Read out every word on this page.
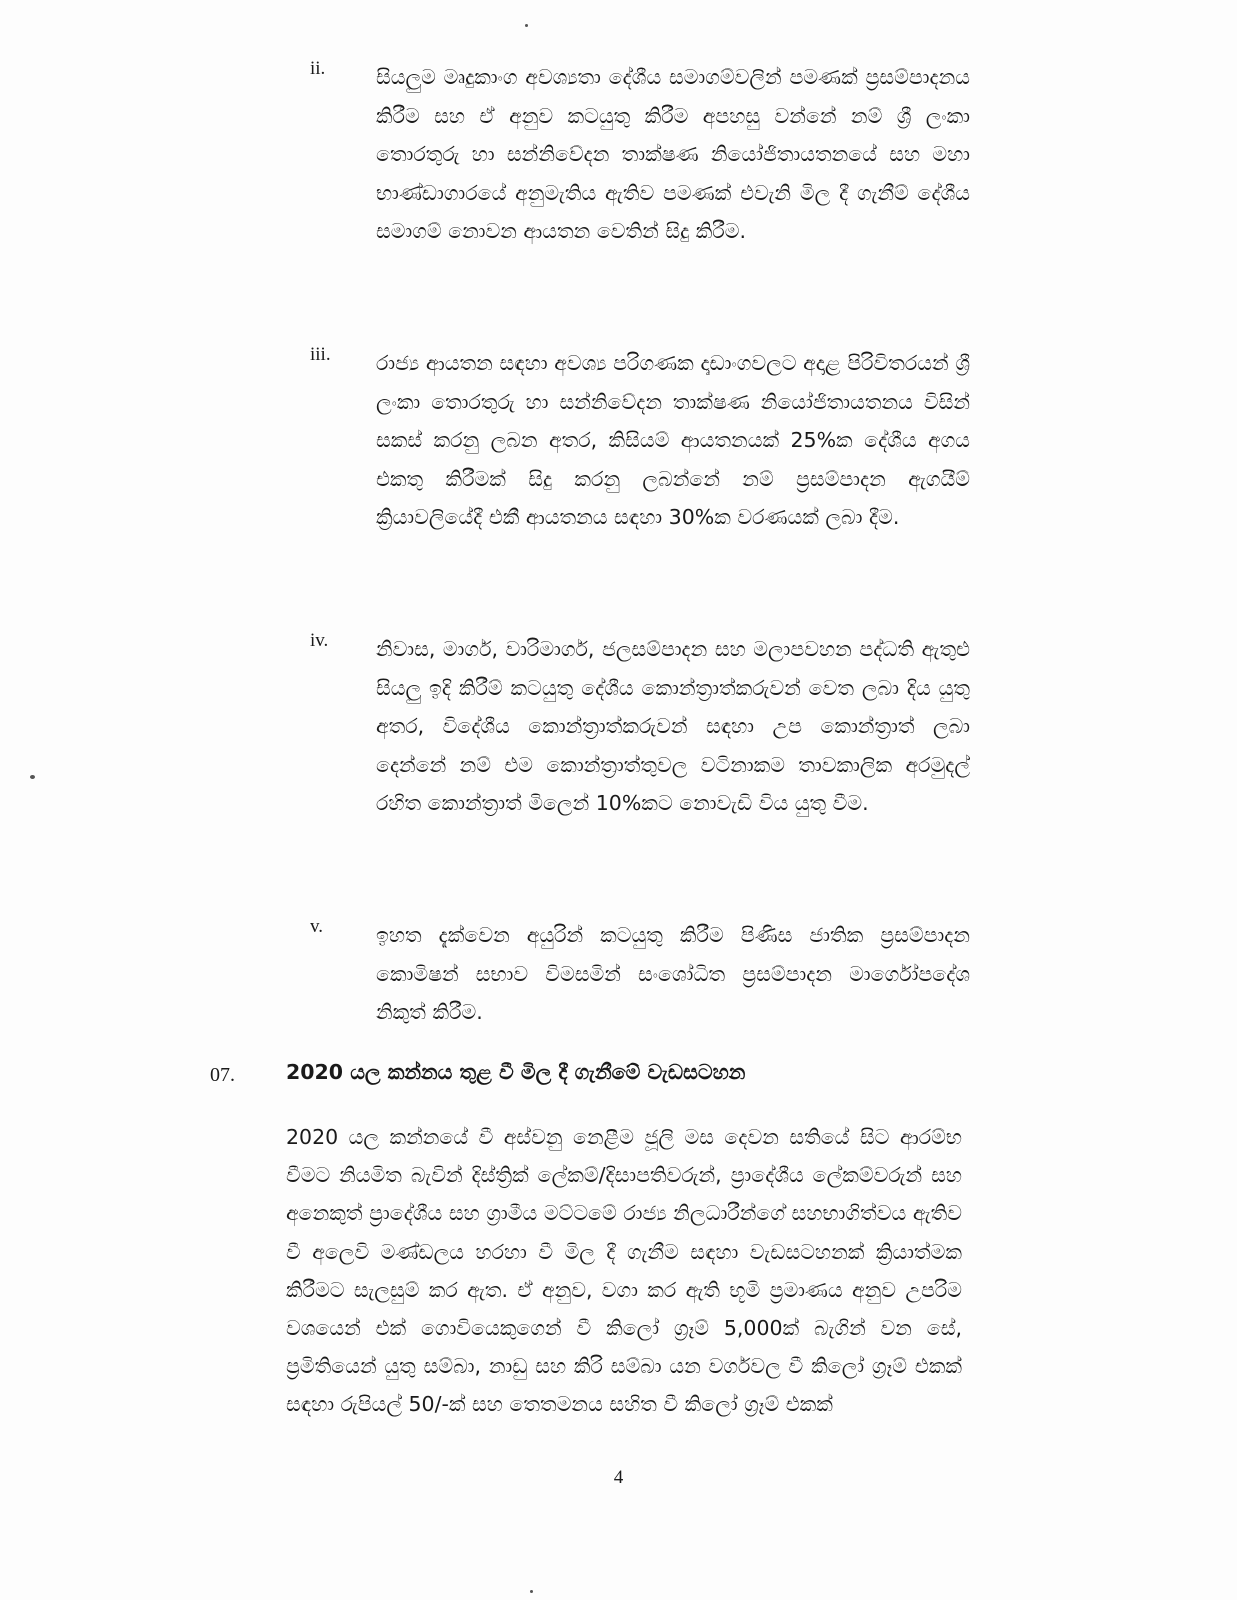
ii.	සියලුම මෘදුකාංග අවශ්‍යතා දේශීය සමාගම්වලින් පමණක් ප්‍රසම්පාදනය කිරීම සහ ඒ අනුව කටයුතු කිරීම අපහසු වන්නේ නම් ශ්‍රී ලංකා තොරතුරු හා සන්නිවේදන තාක්ෂණ නියෝජිතායතනයේ සහ මහා භාණ්ඩාගාරයේ අනුමැතිය ඇතිව පමණක් එවැනි මිල දී ගැනීම් දේශීය සමාගම් නොවන ආයතන වෙතින් සිදු කිරීම.
iii.	රාජ්‍ය ආයතන සඳහා අවශ්‍ය පරිගණක දෘඩාංගවලට අදාළ පිරිවිතරයන් ශ්‍රී ලංකා තොරතුරු හා සන්නිවේදන තාක්ෂණ නියෝජිතායතනය විසින් සකස් කරනු ලබන අතර, කිසියම් ආයතනයක් 25%ක දේශීය අගය එකතු කිරීමක් සිදු කරනු ලබන්නේ නම් ප්‍රසම්පාදන ඇගයීම් ක්‍රියාවලියේදී එකී ආයතනය සඳහා 30%ක වරණයක් ලබා දීම.
iv.	නිවාස, මාර්ග, වාරිමාර්ග, ජලසම්පාදන සහ මලාපවහන පද්ධති ඇතුළු සියලු ඉදි කිරීම් කටයුතු දේශීය කොන්ත්‍රාත්කරුවන් වෙත ලබා දිය යුතු අතර, විදේශීය කොන්ත්‍රාත්කරුවන් සඳහා උප කොන්ත්‍රාත් ලබා දෙන්නේ නම් එම කොන්ත්‍රාත්තුවල වටිනාකම තාවකාලික අරමුදල් රහිත කොන්ත්‍රාත් මිලෙන් 10%කට නොවැඩි විය යුතු වීම.
v.	ඉහත දැක්වෙන අයුරින් කටයුතු කිරීම පිණිස ජාතික ප්‍රසම්පාදන කොමිෂන් සභාව විමසමින් සංශෝධිත ප්‍රසම්පාදන මාර්ගෝපදේශ නිකුත් කිරීම.
07. 2020 යල කන්නය තුළ වී මිල දී ගැනීමේ වැඩසටහන
2020 යල කන්නයේ වී අස්වනු නෙළීම ජූලි මස දෙවන සතියේ සිට ආරම්භ වීමට නියමිත බැවින් දිස්ත්‍රික් ලේකම්/දිසාපතිවරුන්, ප්‍රාදේශීය ලේකම්වරුන් සහ අනෙකුත් ප්‍රාදේශීය සහ ග්‍රාමීය මට්ටමේ රාජ්‍ය නිලධාරීන්ගේ සහභාගිත්වය ඇතිව වී අලෙවි මණ්ඩලය හරහා වී මිල දී ගැනීම සඳහා වැඩසටහනක් ක්‍රියාත්මක කිරීමට සැලසුම් කර ඇත. ඒ අනුව, වගා කර ඇති භූමි ප්‍රමාණය අනුව උපරිම වශයෙන් එක් ගොවියෙකුගෙන් වී කිලෝ ග්‍රෑම් 5,000ක් බැගින් වන සේ, ප්‍රමිතියෙන් යුතු සම්බා, නාඩු සහ කිරි සම්බා යන වර්ගවල වී කිලෝ ග්‍රෑම් එකක් සඳහා රුපියල් 50/-ක් සහ තෙතමනය සහිත වී කිලෝ ග්‍රෑම් එකක්
4
